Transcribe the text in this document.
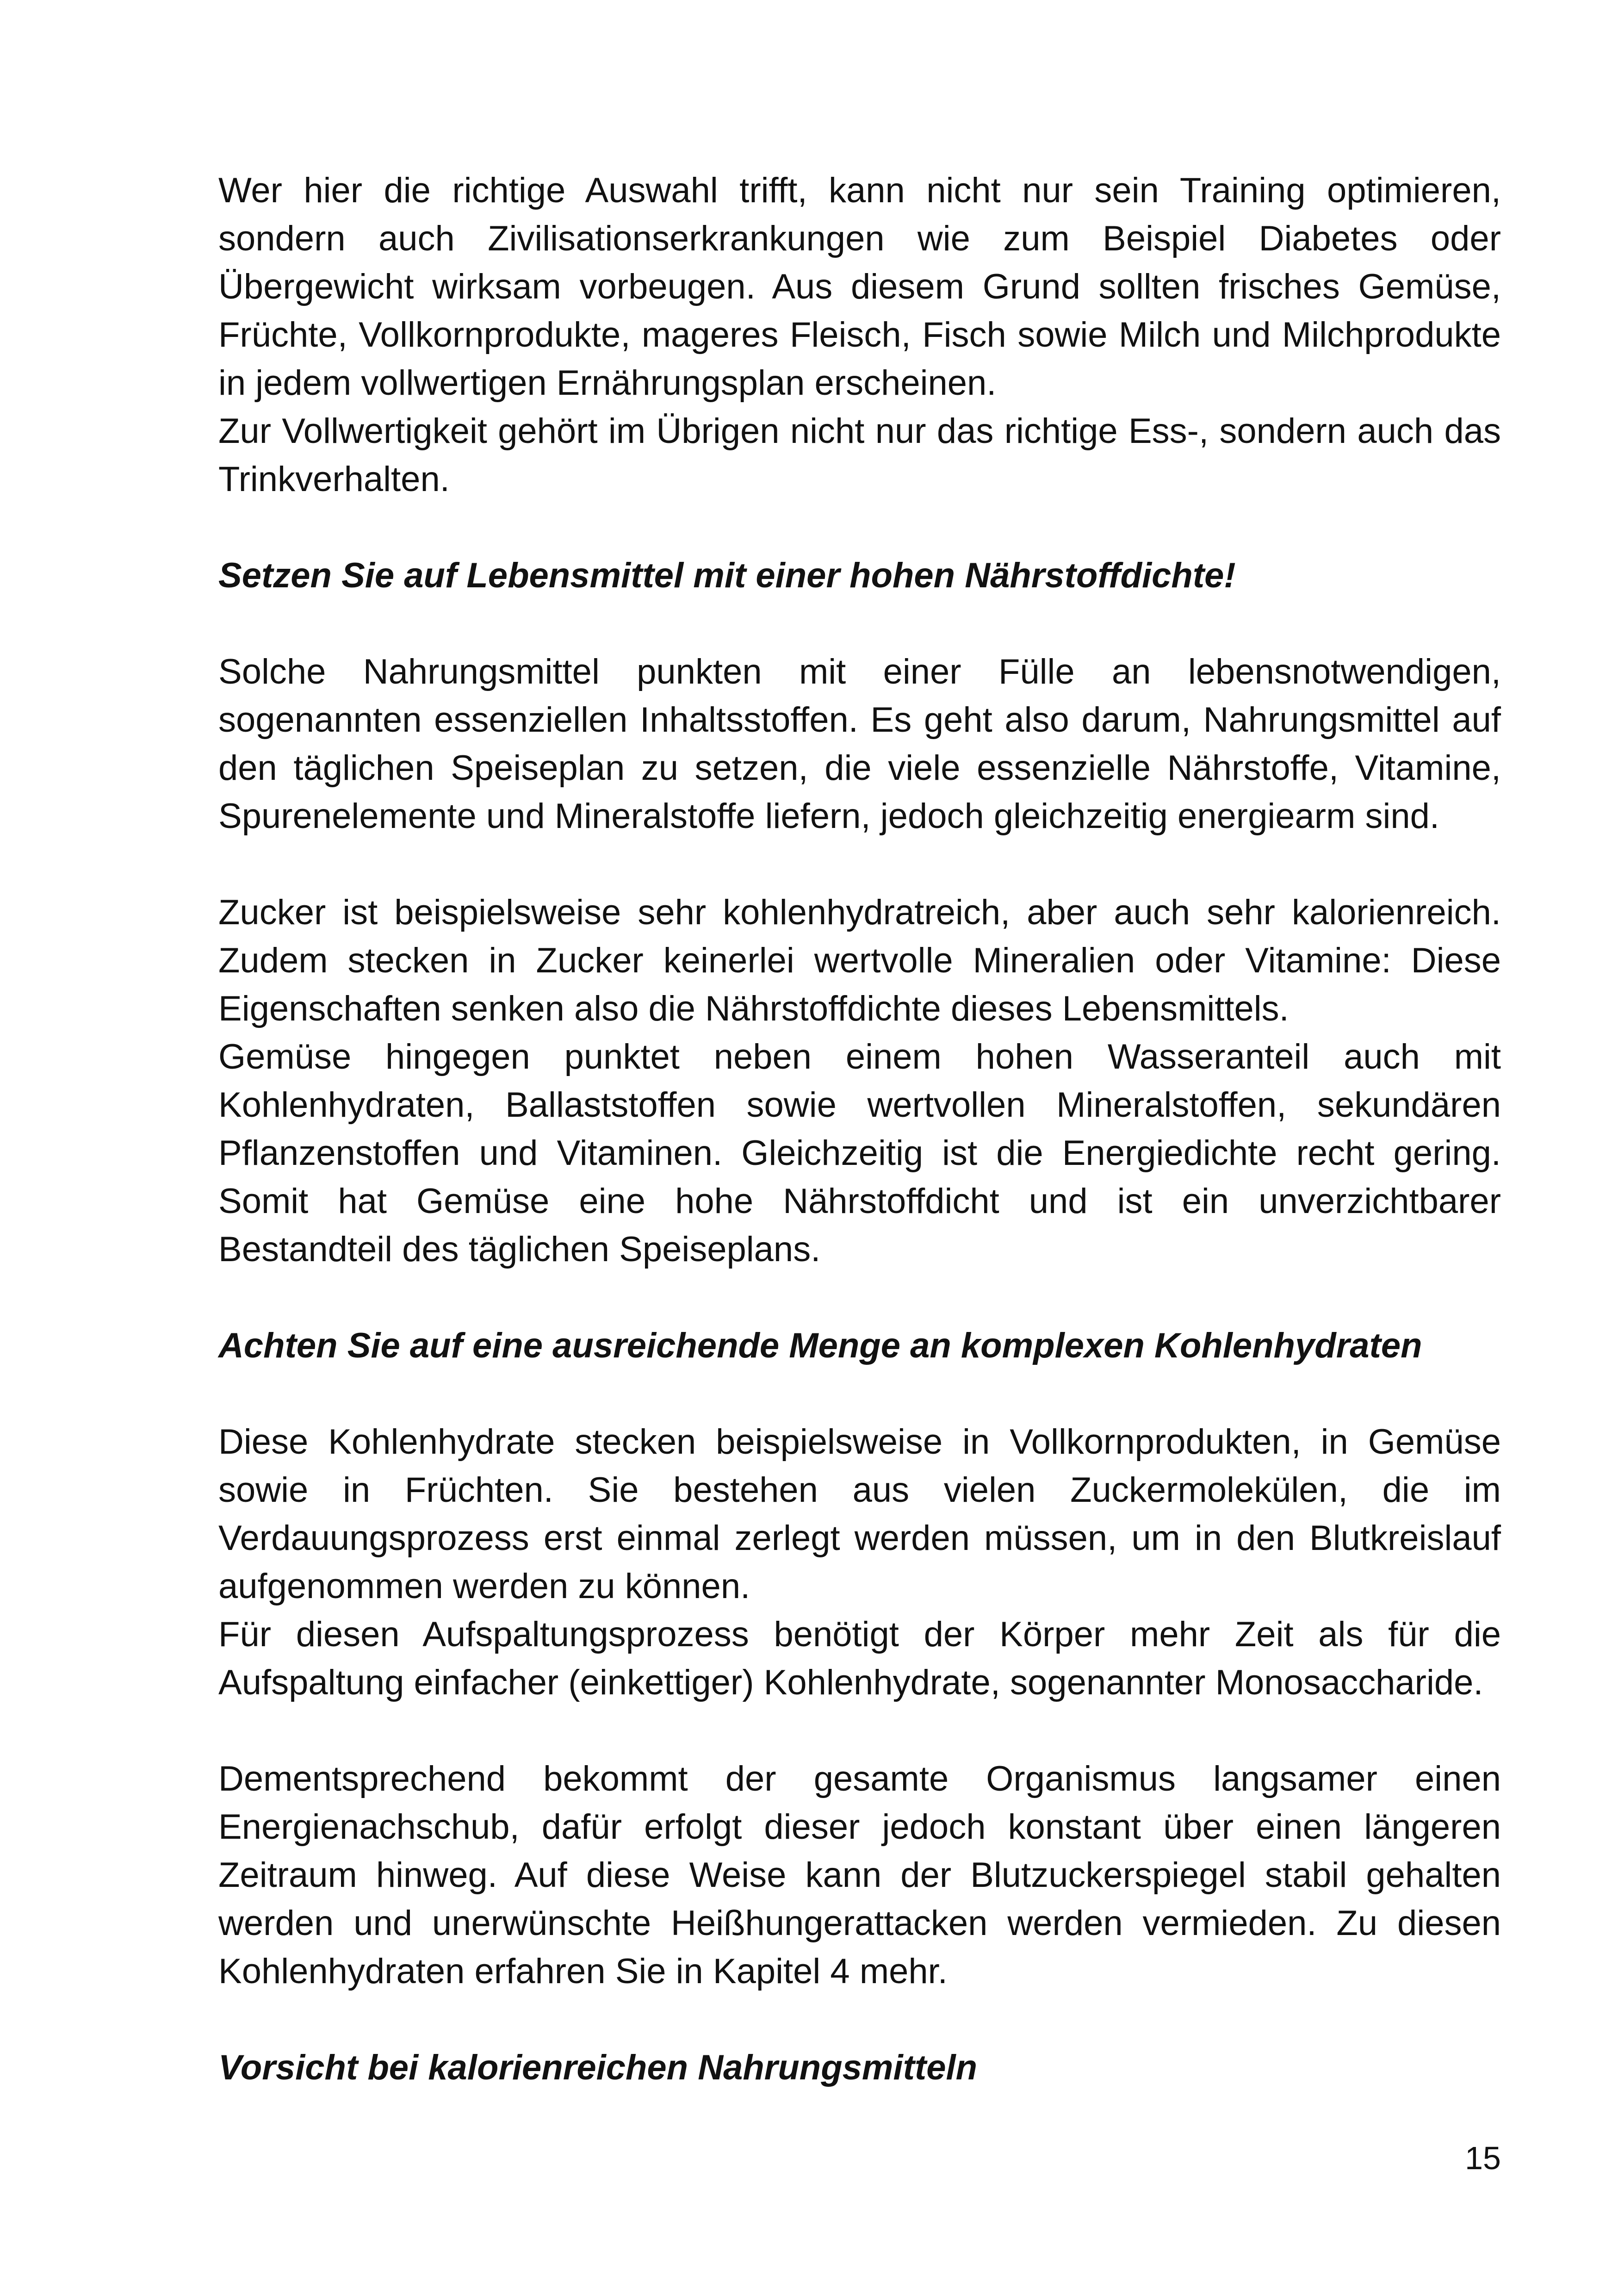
Wer hier die richtige Auswahl trifft, kann nicht nur sein Training optimieren, sondern auch Zivilisationserkrankungen wie zum Beispiel Diabetes oder Übergewicht wirksam vorbeugen. Aus diesem Grund sollten frisches Gemüse, Früchte, Vollkornprodukte, mageres Fleisch, Fisch sowie Milch und Milchprodukte in jedem vollwertigen Ernährungsplan erscheinen.

Zur Vollwertigkeit gehört im Übrigen nicht nur das richtige Ess-, sondern auch das Trinkverhalten.

Setzen Sie auf Lebensmittel mit einer hohen Nährstoffdichte!

Solche Nahrungsmittel punkten mit einer Fülle an lebensnotwendigen, sogenannten essenziellen Inhaltsstoffen. Es geht also darum, Nahrungsmittel auf den täglichen Speiseplan zu setzen, die viele essenzielle Nährstoffe, Vitamine, Spurenelemente und Mineralstoffe liefern, jedoch gleichzeitig energiearm sind.

Zucker ist beispielsweise sehr kohlenhydratreich, aber auch sehr kalorienreich. Zudem stecken in Zucker keinerlei wertvolle Mineralien oder Vitamine: Diese Eigenschaften senken also die Nährstoffdichte dieses Lebensmittels.

Gemüse hingegen punktet neben einem hohen Wasseranteil auch mit Kohlenhydraten, Ballaststoffen sowie wertvollen Mineralstoffen, sekundären Pflanzenstoffen und Vitaminen. Gleichzeitig ist die Energiedichte recht gering. Somit hat Gemüse eine hohe Nährstoffdicht und ist ein unverzichtbarer Bestandteil des täglichen Speiseplans.

Achten Sie auf eine ausreichende Menge an komplexen Kohlenhydraten

Diese Kohlenhydrate stecken beispielsweise in Vollkornprodukten, in Gemüse sowie in Früchten. Sie bestehen aus vielen Zuckermolekülen, die im Verdauungsprozess erst einmal zerlegt werden müssen, um in den Blutkreislauf aufgenommen werden zu können.

Für diesen Aufspaltungsprozess benötigt der Körper mehr Zeit als für die Aufspaltung einfacher (einkettiger) Kohlenhydrate, sogenannter Monosaccharide.

Dementsprechend bekommt der gesamte Organismus langsamer einen Energienachschub, dafür erfolgt dieser jedoch konstant über einen längeren Zeitraum hinweg. Auf diese Weise kann der Blutzuckerspiegel stabil gehalten werden und unerwünschte Heißhungerattacken werden vermieden. Zu diesen Kohlenhydraten erfahren Sie in Kapitel 4 mehr.

Vorsicht bei kalorienreichen Nahrungsmitteln

15
